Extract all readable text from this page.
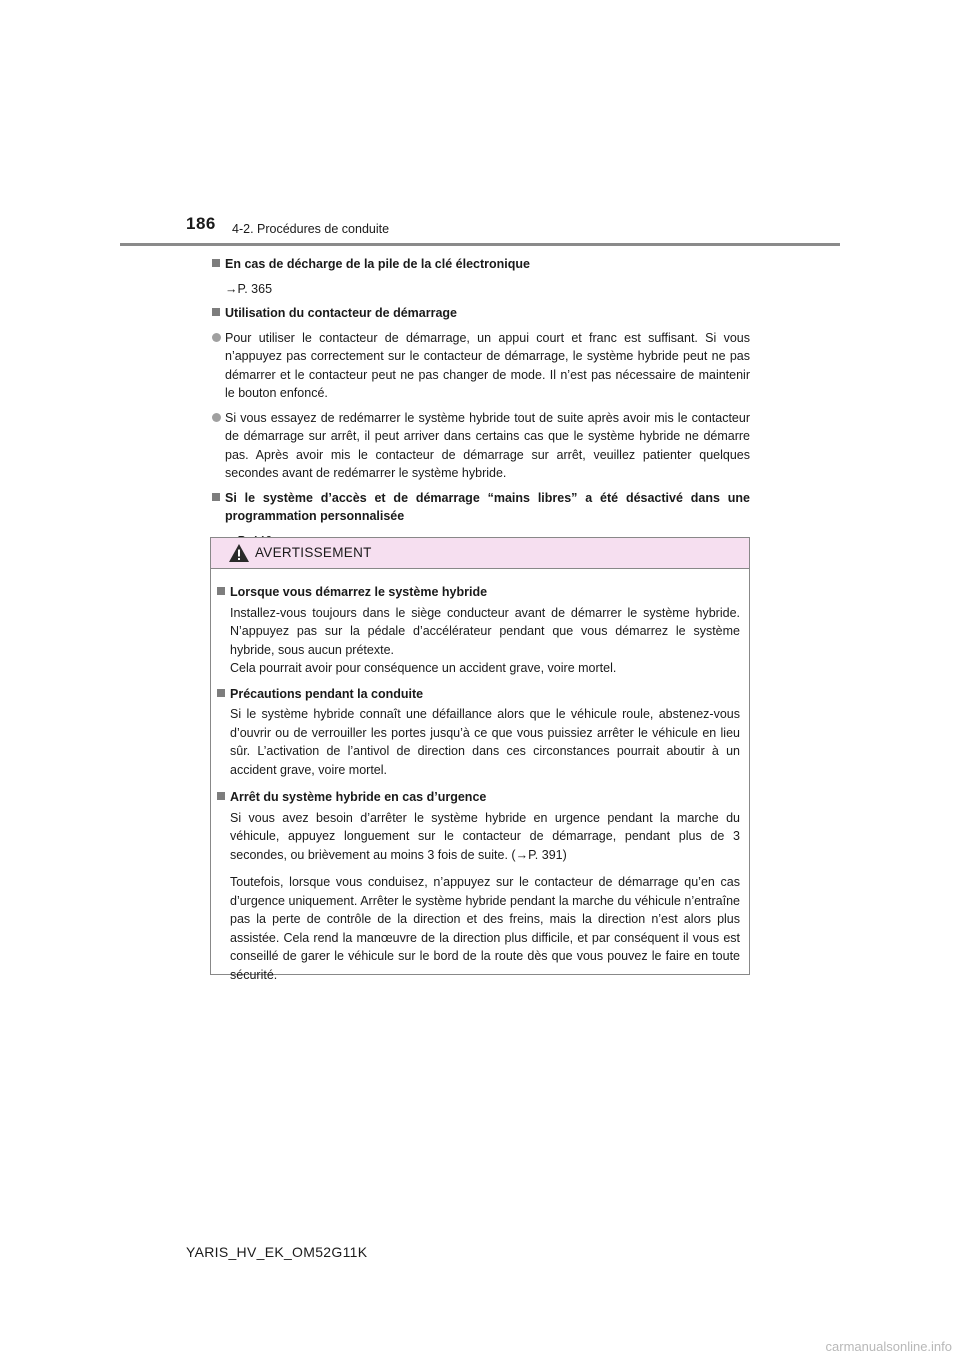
186 4-2. Procédures de conduite
En cas de décharge de la pile de la clé électronique
→P. 365
Utilisation du contacteur de démarrage
Pour utiliser le contacteur de démarrage, un appui court et franc est suffisant. Si vous n’appuyez pas correctement sur le contacteur de démarrage, le système hybride peut ne pas démarrer et le contacteur peut ne pas changer de mode. Il n’est pas nécessaire de maintenir le bouton enfoncé.
Si vous essayez de redémarrer le système hybride tout de suite après avoir mis le contacteur de démarrage sur arrêt, il peut arriver dans certains cas que le système hybride ne démarre pas. Après avoir mis le contacteur de démarrage sur arrêt, veuillez patienter quelques secondes avant de redémarrer le système hybride.
Si le système d’accès et de démarrage “mains libres” a été désactivé dans une programmation personnalisée
AVERTISSEMENT
Lorsque vous démarrez le système hybride
Installez-vous toujours dans le siège conducteur avant de démarrer le système hybride. N’appuyez pas sur la pédale d’accélérateur pendant que vous démarrez le système hybride, sous aucun prétexte.
Cela pourrait avoir pour conséquence un accident grave, voire mortel.
Précautions pendant la conduite
Si le système hybride connaît une défaillance alors que le véhicule roule, abstenez-vous d’ouvrir ou de verrouiller les portes jusqu’à ce que vous puissiez arrêter le véhicule en lieu sûr. L’activation de l’antivol de direction dans ces circonstances pourrait aboutir à un accident grave, voire mortel.
Arrêt du système hybride en cas d’urgence
Si vous avez besoin d’arrêter le système hybride en urgence pendant la marche du véhicule, appuyez longuement sur le contacteur de démarrage, pendant plus de 3 secondes, ou brièvement au moins 3 fois de suite. (→P. 391)
Toutefois, lorsque vous conduisez, n’appuyez sur le contacteur de démarrage qu’en cas d’urgence uniquement. Arrêter le système hybride pendant la marche du véhicule n’entraîne pas la perte de contrôle de la direction et des freins, mais la direction n’est alors plus assistée. Cela rend la manœuvre de la direction plus difficile, et par conséquent il vous est conseillé de garer le véhicule sur le bord de la route dès que vous pouvez le faire en toute sécurité.
YARIS_HV_EK_OM52G11K
carmanualsonline.info
